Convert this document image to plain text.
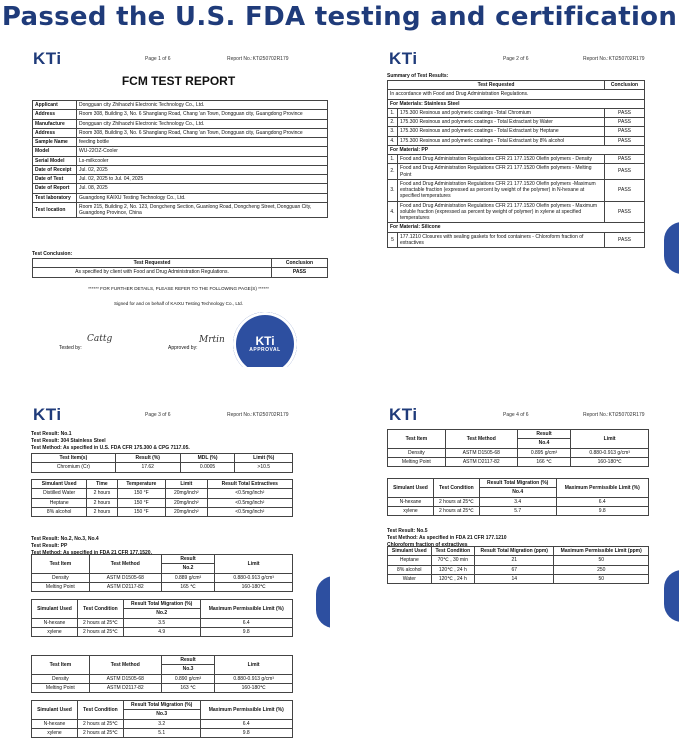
Passed the U.S. FDA testing and certification
KTi	Page 1 of 6	Report No.:KTi250702R179
FCM TEST REPORT
Applicant	Dongguan city Zhihaozhi Electronic Technology Co., Ltd.
Address	Room 308, Building 3, No. 6 Shanglang Road, Chang 'an Town, Dongguan city, Guangdong Province
Manufacture	Dongguan city Zhihaozhi Electronic Technology Co., Ltd.
Address	Room 308, Building 3, No. 6 Shanglang Road, Chang 'an Town, Dongguan city, Guangdong Province
Sample Name	feeding bottle
Model	WU-22OZ-Cooler
Serial Model	Ls-milkcooler
Date of Receipt	Jul. 02, 2025
Date of Test	Jul. 02, 2025 to Jul. 04, 2025
Date of Report	Jul. 08, 2025
Test laboratory	Guangdong KAIXU Testing Technology Co., Ltd.
Test location	Room 215, Building 2, No. 123, Dongcheng Section, Guanlong Road, Dongcheng Street, Dongguan City, Guangdong Province, China
Test Conclusion:
Test Requested	Conclusion
As specified by client with Food and Drug Administration Regulations.	PASS
****** FOR FURTHER DETAILS, PLEASE REFER TO THE FOLLOWING PAGE(S) ******
Signed for and on behalf of KAIXU Testing Technology Co., Ltd.
Tested by:
Cattg
Approved by:
Mrtin	KTi
APPROVAL
KTi	Page 2 of 6	Report No.:KTi250702R179
Summary of Test Results:
Test Requested		Conclusion
In accordance with Food and Drug Administration Regulations.		
For Materials: Stainless Steel		
1.	175.300 Resinous and polymeric coatings -Total Chromium	PASS
2.	175.300 Resinous and polymeric coatings - Total Extractant by Water	PASS
3.	175.300 Resinous and polymeric coatings - Total Extractant by Heptane	PASS
4.	175.300 Resinous and polymeric coatings - Total Extractant by 8% alcohol	PASS
For Material: PP		
1.	Food and Drug Administration Regulations CFR 21 177.1520 Olefin polymers - Density	PASS
2.	Food and Drug Administration Regulations CFR 21 177.1520 Olefin polymers - Melting Point	PASS
3.	Food and Drug Administration Regulations CFR 21 177.1520 Olefin polymers -Maximum extractable fraction (expressed as percent by weight of the polymer) in N-hexane at specified temperatures	PASS
4.	Food and Drug Administration Regulations CFR 21 177.1520 Olefin polymers - Maximum soluble fraction (expressed as percent by weight of polymer) in xylene at specified temperatures	PASS
For Material: Silicone		
5	177.1210 Closures with sealing gaskets for food containers - Chloroform fraction of extractives	PASS
KTi	Page 3 of 6	Report No.:KTi250702R179
Test Result: No.1
Test Result: 304 Stainless Steel
Test Method: As specified in U.S. FDA CFR 175.300 & CPG 7117.05.
Test Item(s)	Result (%)	MDL (%)	Limit (%)
Chromium (Cr)	17.62	0.0005	>10.5
Simulant Used	Time	Temperature	Limit	Result Total Extractives
Distilled Water	2 hours	150 °F	20mg/inch²	<0.5mg/inch²
Heptane	2 hours	150 °F	20mg/inch²	<0.5mg/inch²
8% alcohol	2 hours	150 °F	20mg/inch²	<0.5mg/inch²
Test Result: No.2, No.3, No.4
Test Result: PP
Test Method: As specified in FDA 21 CFR 177.1520.
Test Item	Test Method	Result	Limit
		No.2	
Density	ASTM D1505-68	0.889 g/cm³	0.880-0.913 g/cm³
Melting Point	ASTM D2117-82	165 ℃	160-180℃
Simulant Used	Test Condition	Result Total Migration (%)	Maximum Permissible Limit (%)
		No.2	
N-hexane	2 hours at 25℃	3.5	6.4
xylene	2 hours at 25℃	4.9	9.8
Test Item	Test Method	Result	Limit
		No.3	
Density	ASTM D1505-68	0.890 g/cm³	0.880-0.913 g/cm³
Melting Point	ASTM D2117-82	163 ℃	160-180℃
Simulant Used	Test Condition	Result Total Migration (%)	Maximum Permissible Limit (%)
		No.3	
N-hexane	2 hours at 25℃	3.2	6.4
xylene	2 hours at 25℃	5.1	9.8
KTi	Page 4 of 6	Report No.:KTi250702R179
Test Item	Test Method	Result	Limit
		No.4	
Density	ASTM D1505-68	0.895 g/cm³	0.880-0.913 g/cm³
Melting Point	ASTM D2117-82	166 ℃	160-180℃
Simulant Used	Test Condition	Result Total Migration (%)	Maximum Permissible Limit (%)
		No.4	
N-hexane	2 hours at 25℃	3.4	6.4
xylene	2 hours at 25℃	5.7	9.8
Test Result: No.5
Test Method: As specified in FDA 21 CFR 177.1210
Chloroform fraction of extractives
Simulant Used	Test Condition	Result Total Migration (ppm)	Maximum Permissible Limit (ppm)
Heptane	70℃ , 30 min	21	50
8% alcohol	120℃ , 24 h	67	250
Water	120℃ , 24 h	14	50
